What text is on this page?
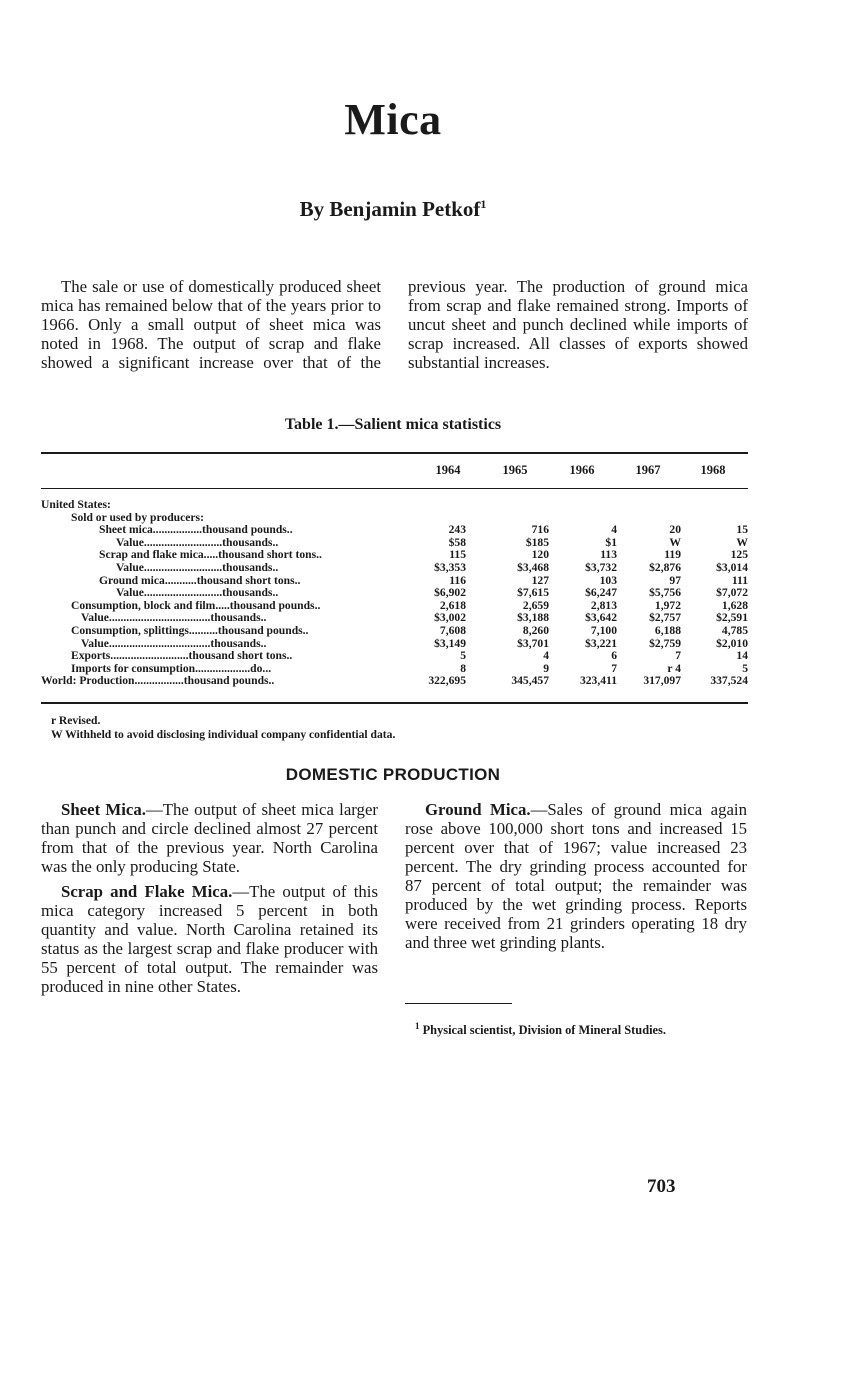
Mica
By Benjamin Petkof$^1$

The sale or use of domestically produced sheet mica has remained below that of the years prior to 1966. Only a small output of sheet mica was noted in 1968. The output of scrap and flake showed a significant increase over that of the previous year. The production of ground mica from scrap and flake remained strong. Imports of uncut sheet and punch declined while imports of scrap increased. All classes of exports showed substantial increases.

Table 1.—Salient mica statistics
1964	1965	1966	1967	1968
United States:
Sold or used by producers:
Sheet mica.................thousand pounds..	243	716	4	20	15
Value...........................thousands..	$58	$185	$1	W	W
Scrap and flake mica.....thousand short tons..	115	120	113	119	125
Value...........................thousands..	$3,353	$3,468	$3,732	$2,876	$3,014
Ground mica...........thousand short tons..	116	127	103	97	111
Value...........................thousands..	$6,902	$7,615	$6,247	$5,756	$7,072
Consumption, block and film.....thousand pounds..	2,618	2,659	2,813	1,972	1,628
Value...................................thousands..	$3,002	$3,188	$3,642	$2,757	$2,591
Consumption, splittings..........thousand pounds..	7,608	8,260	7,100	6,188	4,785
Value...................................thousands..	$3,149	$3,701	$3,221	$2,759	$2,010
Exports...........................thousand short tons..	5	4	6	7	14
Imports for consumption...................do...	8	9	7	r 4	5
World: Production.................thousand pounds..	322,695	345,457	323,411	317,097	337,524
r Revised.
W Withheld to avoid disclosing individual company confidential data.
DOMESTIC PRODUCTION

Sheet Mica.—The output of sheet mica larger than punch and circle declined almost 27 percent from that of the previous year. North Carolina was the only producing State.

Scrap and Flake Mica.—The output of this mica category increased 5 percent in both quantity and value. North Carolina retained its status as the largest scrap and flake producer with 55 percent of total output. The remainder was produced in nine other States.

Ground Mica.—Sales of ground mica again rose above 100,000 short tons and increased 15 percent over that of 1967; value increased 23 percent. The dry grinding process accounted for 87 percent of total output; the remainder was produced by the wet grinding process. Reports were received from 21 grinders operating 18 dry and three wet grinding plants.

$^1$ Physical scientist, Division of Mineral Studies.
703
